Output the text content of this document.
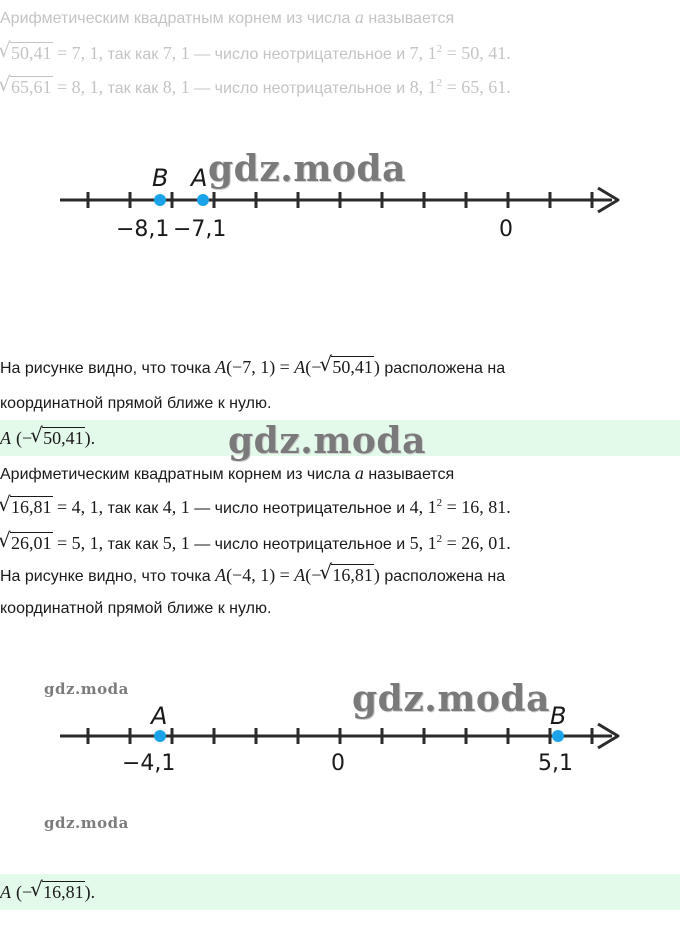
Арифметическим квадратным корнем из числа a называется
√ 50,41 = 7, 1, так как 7, 1 — число неотрицательное и 7, $1^2 = 50$, 41.
√ 65,61 = 8, 1, так как 8, 1 — число неотрицательное и 8, $1^2 = 65$, 61.
B A
−8,1 −7,1	0
gdz.moda
На рисунке видно, что точка A(−7, 1) = A(− √ 50,41) расположена на
координатной прямой ближе к нулю.
A (− √ 50,41).	gdz.moda
Арифметическим квадратным корнем из числа a называется
√ 16,81 = 4, 1, так как 4, 1 — число неотрицательное и 4, $1^2 = 16$, 81.
√ 26,01 = 5, 1, так как 5, 1 — число неотрицательное и 5, $1^2 = 26$, 01.
На рисунке видно, что точка A(−4, 1) = A(− √ 16,81) расположена на
координатной прямой ближе к нулю.
gdz.moda
A	B
−4,1	0	5,1
gdz.moda
gdz.moda
A (− √ 16,81).
